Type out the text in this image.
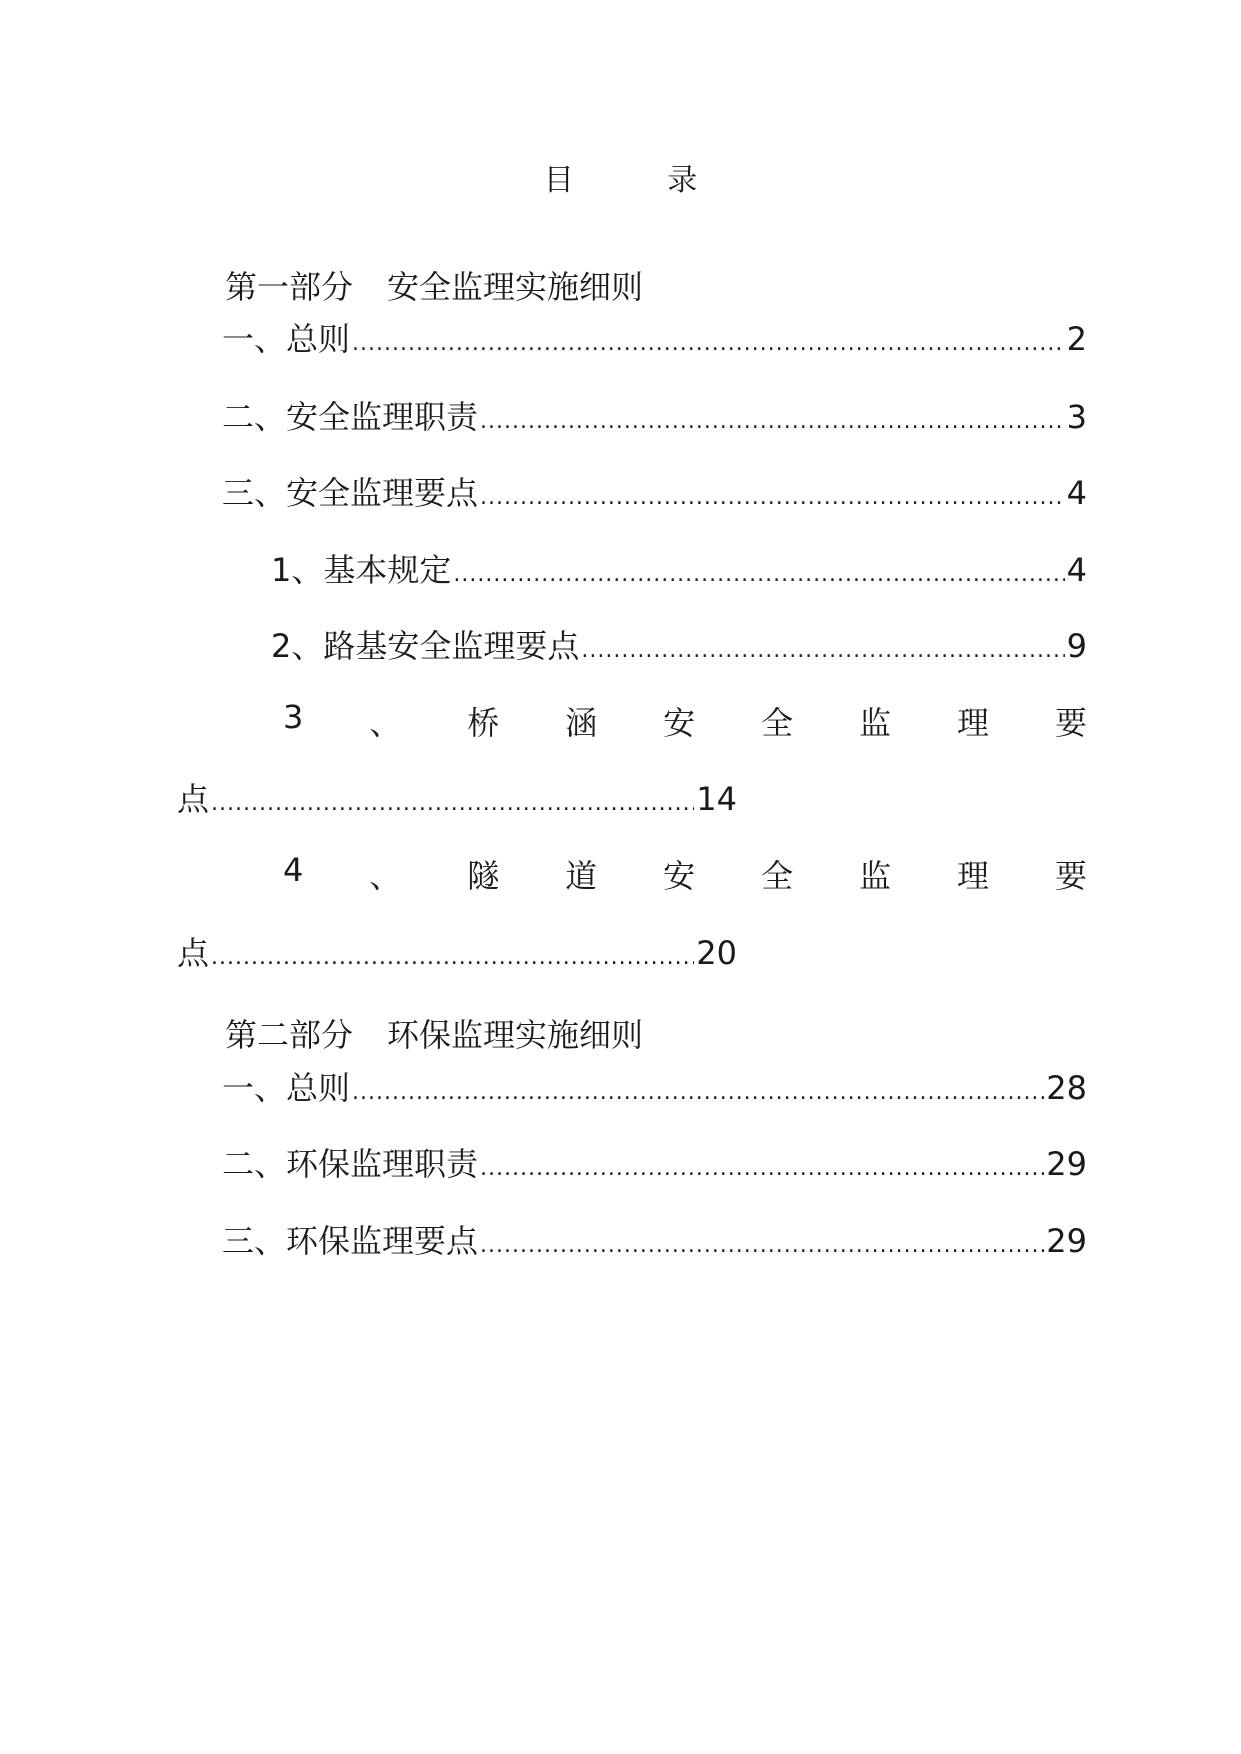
目 录
第一部分 安全监理实施细则
一、总则 .....	2
二、安全监理职责 .....	3
三、安全监理要点 .....	4
1、基本规定 .....	4
2、路基安全监理要点 .....	9
3 、 桥 涵 安 全 监 理 要
点 .....	14
4 、 隧 道 安 全 监 理 要
点 .....	20
第二部分 环保监理实施细则
一、总则 .....	28
二、环保监理职责 .....	29
三、环保监理要点 .....	29
